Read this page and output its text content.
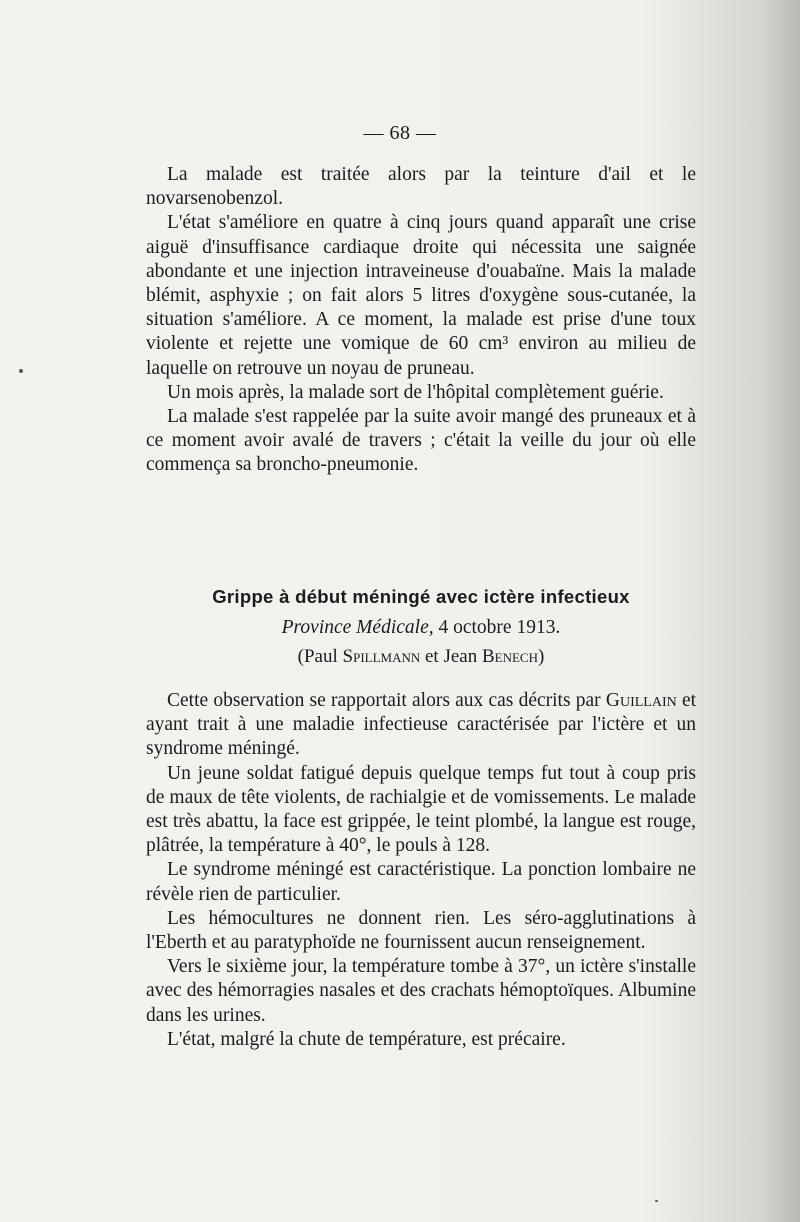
— 68 —

La malade est traitée alors par la teinture d'ail et le novarsenobenzol.

L'état s'améliore en quatre à cinq jours quand apparaît une crise aiguë d'insuffisance cardiaque droite qui nécessita une saignée abondante et une injection intraveineuse d'ouabaïne. Mais la malade blémit, asphyxie ; on fait alors 5 litres d'oxygène sous-cutanée, la situation s'améliore. A ce moment, la malade est prise d'une toux violente et rejette une vomique de 60 cm³ environ au milieu de laquelle on retrouve un noyau de pruneau.

Un mois après, la malade sort de l'hôpital complètement guérie.

La malade s'est rappelée par la suite avoir mangé des pruneaux et à ce moment avoir avalé de travers ; c'était la veille du jour où elle commença sa broncho-pneumonie.

Grippe à début méningé avec ictère infectieux
Province Médicale, 4 octobre 1913.
(Paul Spillmann et Jean Benech)

Cette observation se rapportait alors aux cas décrits par Guillain et ayant trait à une maladie infectieuse caractérisée par l'ictère et un syndrome méningé.

Un jeune soldat fatigué depuis quelque temps fut tout à coup pris de maux de tête violents, de rachialgie et de vomissements. Le malade est très abattu, la face est grippée, le teint plombé, la langue est rouge, plâtrée, la température à 40°, le pouls à 128.

Le syndrome méningé est caractéristique. La ponction lombaire ne révèle rien de particulier.

Les hémocultures ne donnent rien. Les séro-agglutinations à l'Eberth et au paratyphoïde ne fournissent aucun renseignement.

Vers le sixième jour, la température tombe à 37°, un ictère s'installe avec des hémorragies nasales et des crachats hémoptoïques. Albumine dans les urines.

L'état, malgré la chute de température, est précaire.
